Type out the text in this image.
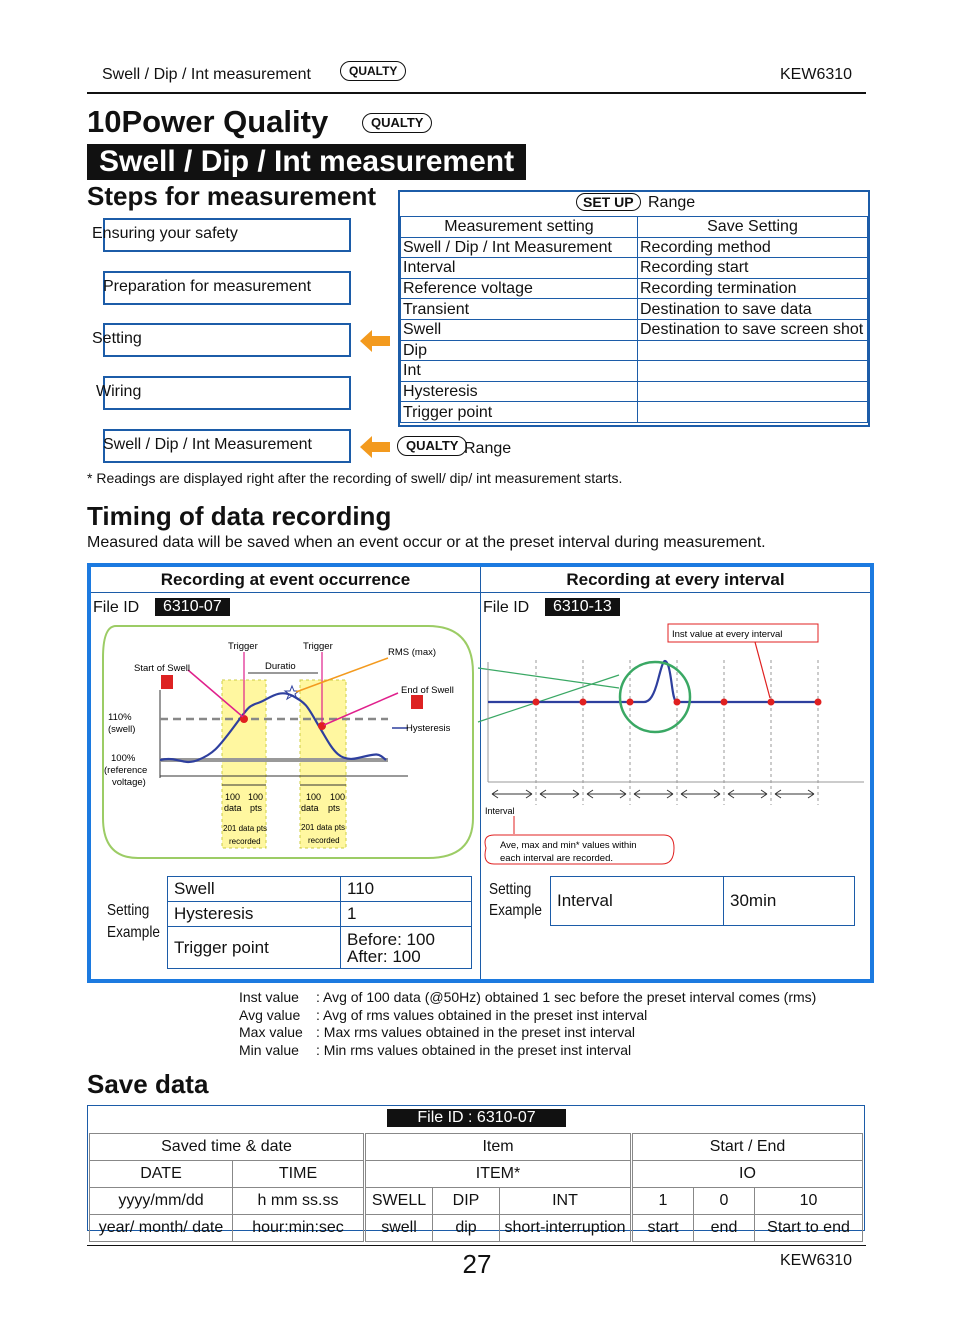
Swell / Dip / Int measurement	QUALTY	KEW6310
10Power Quality	QUALTY
Swell / Dip / Int measurement
Steps for measurement
Ensuring your safety
Preparation for measurement
Setting
Wiring
Swell / Dip / Int Measurement
SET UP Range
Measurement setting	Save Setting
Swell / Dip / Int Measurement	Recording method
Interval	Recording start
Reference voltage	Recording termination
Transient	Destination to save data
Swell	Destination to save screen shot
Dip	
Int	
Hysteresis	
Trigger point	
QUALTY Range
* Readings are displayed right after the recording of swell/ dip/ int measurement starts.
Timing of data recording
Measured data will be saved when an event occur or at the preset interval during measurement.
Recording at event occurrence	Recording at every interval
File ID	6310-07	File ID	6310-13
Trigger	Trigger
Duratio
Start of Swell
RMS (max)
End of Swell
Hysteresis
110%
(swell)
100%
(reference
voltage)
100 100
data pts
100 100
data pts
201 data pts
recorded
201 data pts
recorded
Inst value at every interval
Interval
Ave, max and min* values within
each interval are recorded.
Setting
Example
Swell	110
Hysteresis	1
Trigger point	Before: 100
After: 100
Setting
Example
Interval	30min
Inst value : Avg of 100 data (@50Hz) obtained 1 sec before the preset interval comes (rms)
Avg value : Avg of rms values obtained in the preset inst interval
Max value : Max rms values obtained in the preset inst interval
Min value : Min rms values obtained in the preset inst interval
Save data
File ID : 6310-07
Saved time & date		Item			Start / End		
DATE	TIME	ITEM*			IO		
yyyy/mm/dd	h mm ss.ss	SWELL	DIP	INT	1	0	10
year/ month/ date	hour:min:sec	swell	dip	short-interruption	start	end	Start to end
27	KEW6310
